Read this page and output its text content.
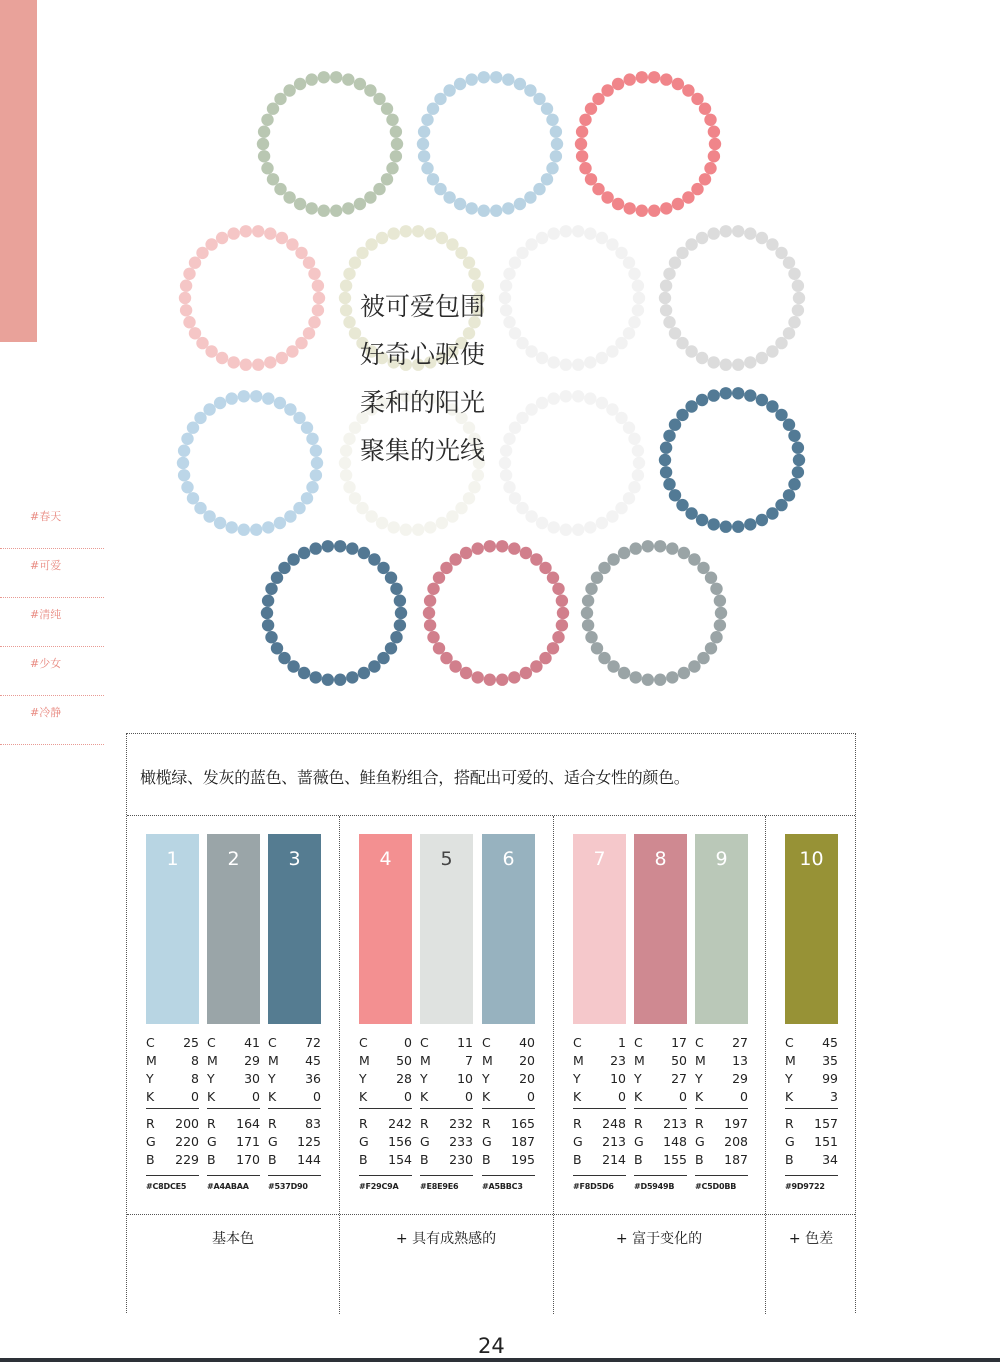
#春天
#可爱
#清纯
#少女
#冷静
被可爱包围
好奇心驱使
柔和的阳光
聚集的光线
橄榄绿、发灰的蓝色、蔷薇色、鲑鱼粉组合，搭配出可爱的、适合女性的颜色。
基本色	+ 具有成熟感的	+ 富于变化的	+ 色差
1
C 25
M	8
Y	8
K	0
R 200
G 220
B 229
#C8DCE5
2
C 41
M 29
Y 30
K	0
R 164
G 171
B 170
#A4ABAA
3
C 72
M 45
Y 36
K	0
R 83
G 125
B 144
#537D90
4
C	0
M 50
Y 28
K	0
R 242
G 156
B 154
#F29C9A
5
C 11
M	7
Y 10
K	0
R 232
G 233
B 230
#E8E9E6
6
C 40
M 20
Y 20
K	0
R 165
G 187
B 195
#A5BBC3
7
C	1
M 23
Y 10
K	0
R 248
G 213
B 214
#F8D5D6
8
C 17
M 50
Y 27
K	0
R 213
G 148
B 155
#D5949B
9
C 27
M 13
Y 29
K	0
R 197
G 208
B 187
#C5D0BB
10
C 45
M 35
Y 99
K	3
R 157
G 151
B 34
#9D9722
24
